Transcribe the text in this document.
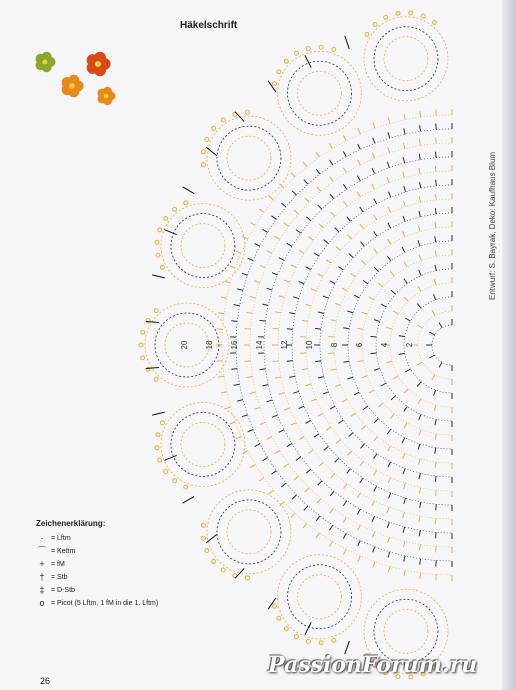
Häkelschrift
2
4
6
8
10
12
14
16
18
20
Entwurf: S. Bayrak, Deko: Kaufhaus Blum
Zeichenerklärung:
·	= Lftm
⌒ = Kettm
+ = fM
† = Stb
‡ = D-Stb
o = Picot (5 Lftm, 1 fM in die 1. Lftm)
26
PassionForum.ru
